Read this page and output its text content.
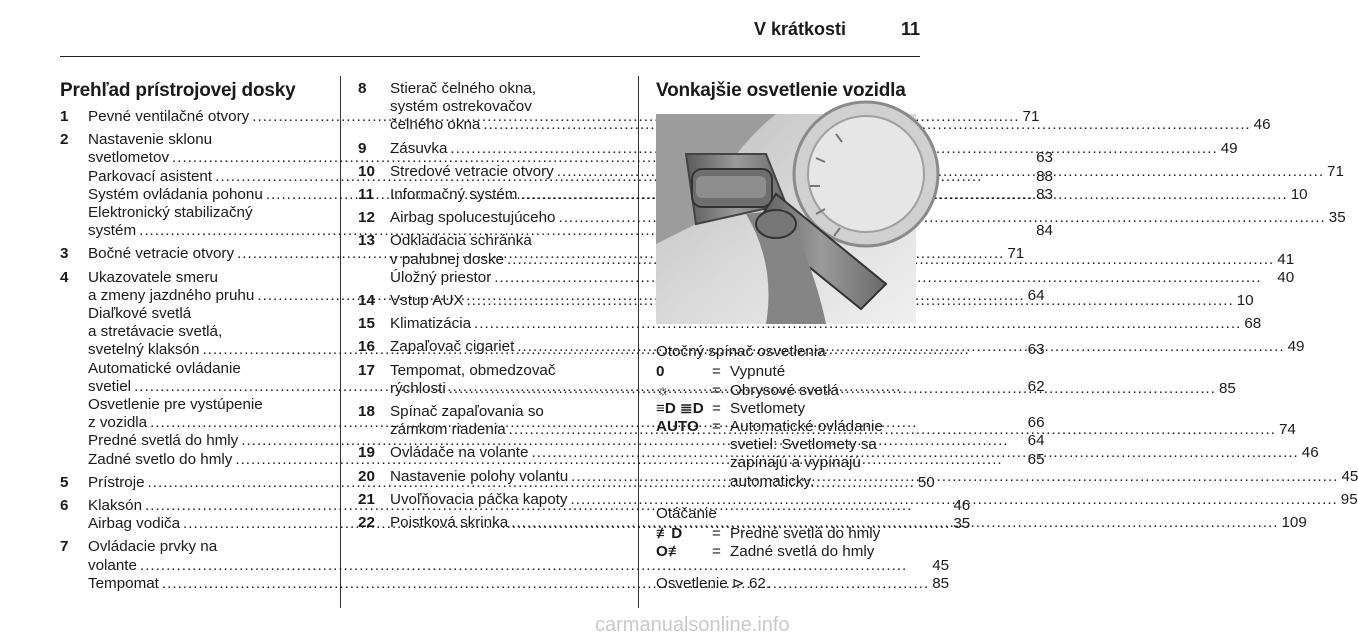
V krátkosti	11
Prehľad prístrojovej dosky
1	Pevné ventilačné otvory .....	71
2	Nastavenie sklonu
svetlometov .....	63
Parkovací asistent .....	88
Systém ovládania pohonu .....	83
Elektronický stabilizačný
systém .....	84
3	Bočné vetracie otvory .....	71
4	Ukazovatele smeru
a zmeny jazdného pruhu .....	64
Diaľkové svetlá
a stretávacie svetlá,
svetelný klaksón .....	63
Automatické ovládanie
svetiel .....	62
Osvetlenie pre vystúpenie
z vozidla .....	66
Predné svetlá do hmly .....	64
Zadné svetlo do hmly .....	65
5	Prístroje .....	50
6	Klaksón .....	46
Airbag vodiča .....	35
7	Ovládacie prvky na
volante .....	45
Tempomat .....	85
8	Stierač čelného okna,
systém ostrekovačov
čelného okna .....	46
9	Zásuvka .....	49
10 Stredové vetracie otvory .....	71
11	Informačný systém .....	10
12 Airbag spolucestujúceho .....	35
13 Odkladacia schránka
v palubnej doske .....	41
Úložný priestor .....	40
14 Vstup AUX .....	10
15 Klimatizácia .....	68
16 Zapaľovač cigariet .....	49
17 Tempomat, obmedzovač
rýchlosti .....	85
18 Spínač zapaľovania so
zámkom riadenia .....	74
19 Ovládače na volante .....	46
20 Nastavenie polohy volantu .....	45
21 Uvoľňovacia páčka kapoty .....	95
22 Poistková skrinka .....	109
Vonkajšie osvetlenie vozidla
Otočný spínač osvetlenia
0	= Vypnuté
☼	= Obrysové svetlá
≡D ≣D = Svetlomety
AUTO = Automatické ovládanie
svetiel: Svetlomety sa
zapínajú a vypínajú
automaticky.
Otáčanie
≢D	= Predné svetlá do hmly
O≢	= Zadné svetlá do hmly
Osvetlenie ⊳ 62.
carmanualsonline.info
